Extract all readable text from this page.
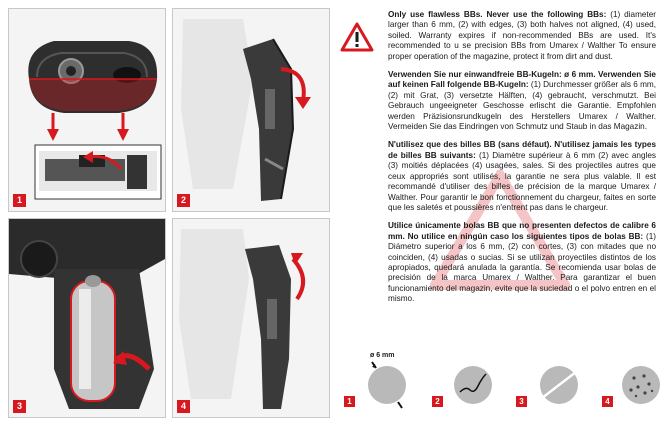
1	2
3	4

Only use flawless BBs. Never use the following BBs: (1) diameter larger than 6 mm, (2) with edges, (3) both halves not aligned, (4) used, soiled. Warranty expires if non-recommended BBs are used. It's recommended to u se precision BBs from Umarex / Walther To ensure proper operation of the magazine, protect it from dirt and dust.

Verwenden Sie nur einwandfreie BB-Kugeln: ø 6 mm. Verwenden Sie auf keinen Fall folgende BB-Kugeln: (1) Durchmesser größer als 6 mm, (2) mit Grat, (3) versetzte Hälften, (4) gebraucht, verschmutzt. Bei Gebrauch ungeeigneter Geschosse erlischt die Garantie. Empfohlen werden Präzisionsrundkugeln des Herstellers Umarex / Walther. Vermeiden Sie das Eindringen von Schmutz und Staub in das Magazin.

N'utilisez que des billes BB (sans défaut). N'utilisez jamais les types de billes BB suivants: (1) Diamètre supérieur à 6 mm (2) avec angles (3) moitiés déplacées (4) usagées, sales. Si des projectiles autres que ceux appropriés sont utilisés, la garantie ne sera plus valable. Il est recommandé d'utiliser des billes de précision de la marque Umarex / Walther. Pour garantir le bon fonctionnement du chargeur, faites en sorte que les saletés et poussières n'entrent pas dans le chargeur.

Utilice únicamente bolas BB que no presenten defectos de calibre 6 mm. No utilice en ningún caso los siguientes tipos de bolas BB: (1) Diámetro superior a los 6 mm, (2) con cortes, (3) con mitades que no coinciden, (4) usadas o sucias. Si se utilizan proyectiles distintos de los apropiados, quedará anulada la garantía. Se recomienda usar bolas de precisión de la marca Umarex / Walther. Para garantizar el buen funcionamiento del magazin, evite que la suciedad o el polvo entren en el mismo.

ø 6 mm
1	2	3	4
